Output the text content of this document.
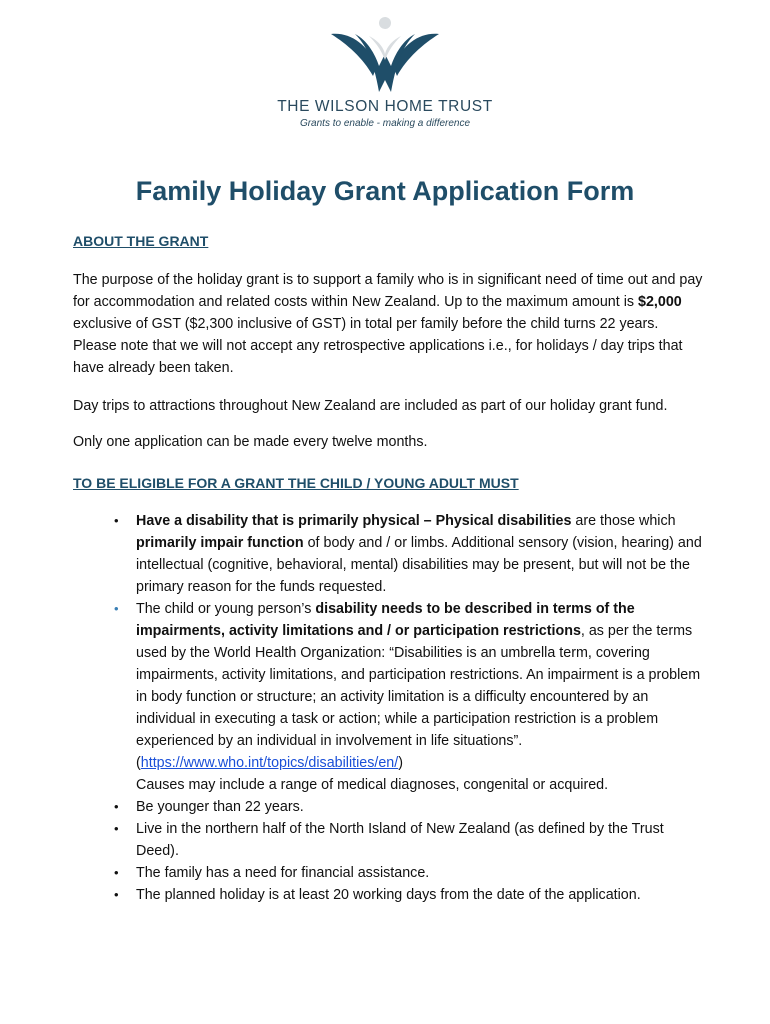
THE WILSON HOME TRUST
Grants to enable - making a difference
Family Holiday Grant Application Form

ABOUT THE GRANT

The purpose of the holiday grant is to support a family who is in significant need of time out and pay for accommodation and related costs within New Zealand. Up to the maximum amount is $2,000 exclusive of GST ($2,300 inclusive of GST) in total per family before the child turns 22 years. Please note that we will not accept any retrospective applications i.e., for holidays / day trips that have already been taken.

Day trips to attractions throughout New Zealand are included as part of our holiday grant fund.

Only one application can be made every twelve months.

TO BE ELIGIBLE FOR A GRANT THE CHILD / YOUNG ADULT MUST

• Have a disability that is primarily physical – Physical disabilities are those which primarily impair function of body and / or limbs. Additional sensory (vision, hearing) and intellectual (cognitive, behavioral, mental) disabilities may be present, but will not be the primary reason for the funds requested.
• The child or young person’s disability needs to be described in terms of the impairments, activity limitations and / or participation restrictions, as per the terms used by the World Health Organization: “Disabilities is an umbrella term, covering impairments, activity limitations, and participation restrictions. An impairment is a problem in body function or structure; an activity limitation is a difficulty encountered by an individual in executing a task or action; while a participation restriction is a problem experienced by an individual in involvement in life situations”. (https://www.who.int/topics/disabilities/en/)
Causes may include a range of medical diagnoses, congenital or acquired.
• Be younger than 22 years.
• Live in the northern half of the North Island of New Zealand (as defined by the Trust Deed).
• The family has a need for financial assistance.
• The planned holiday is at least 20 working days from the date of the application.
